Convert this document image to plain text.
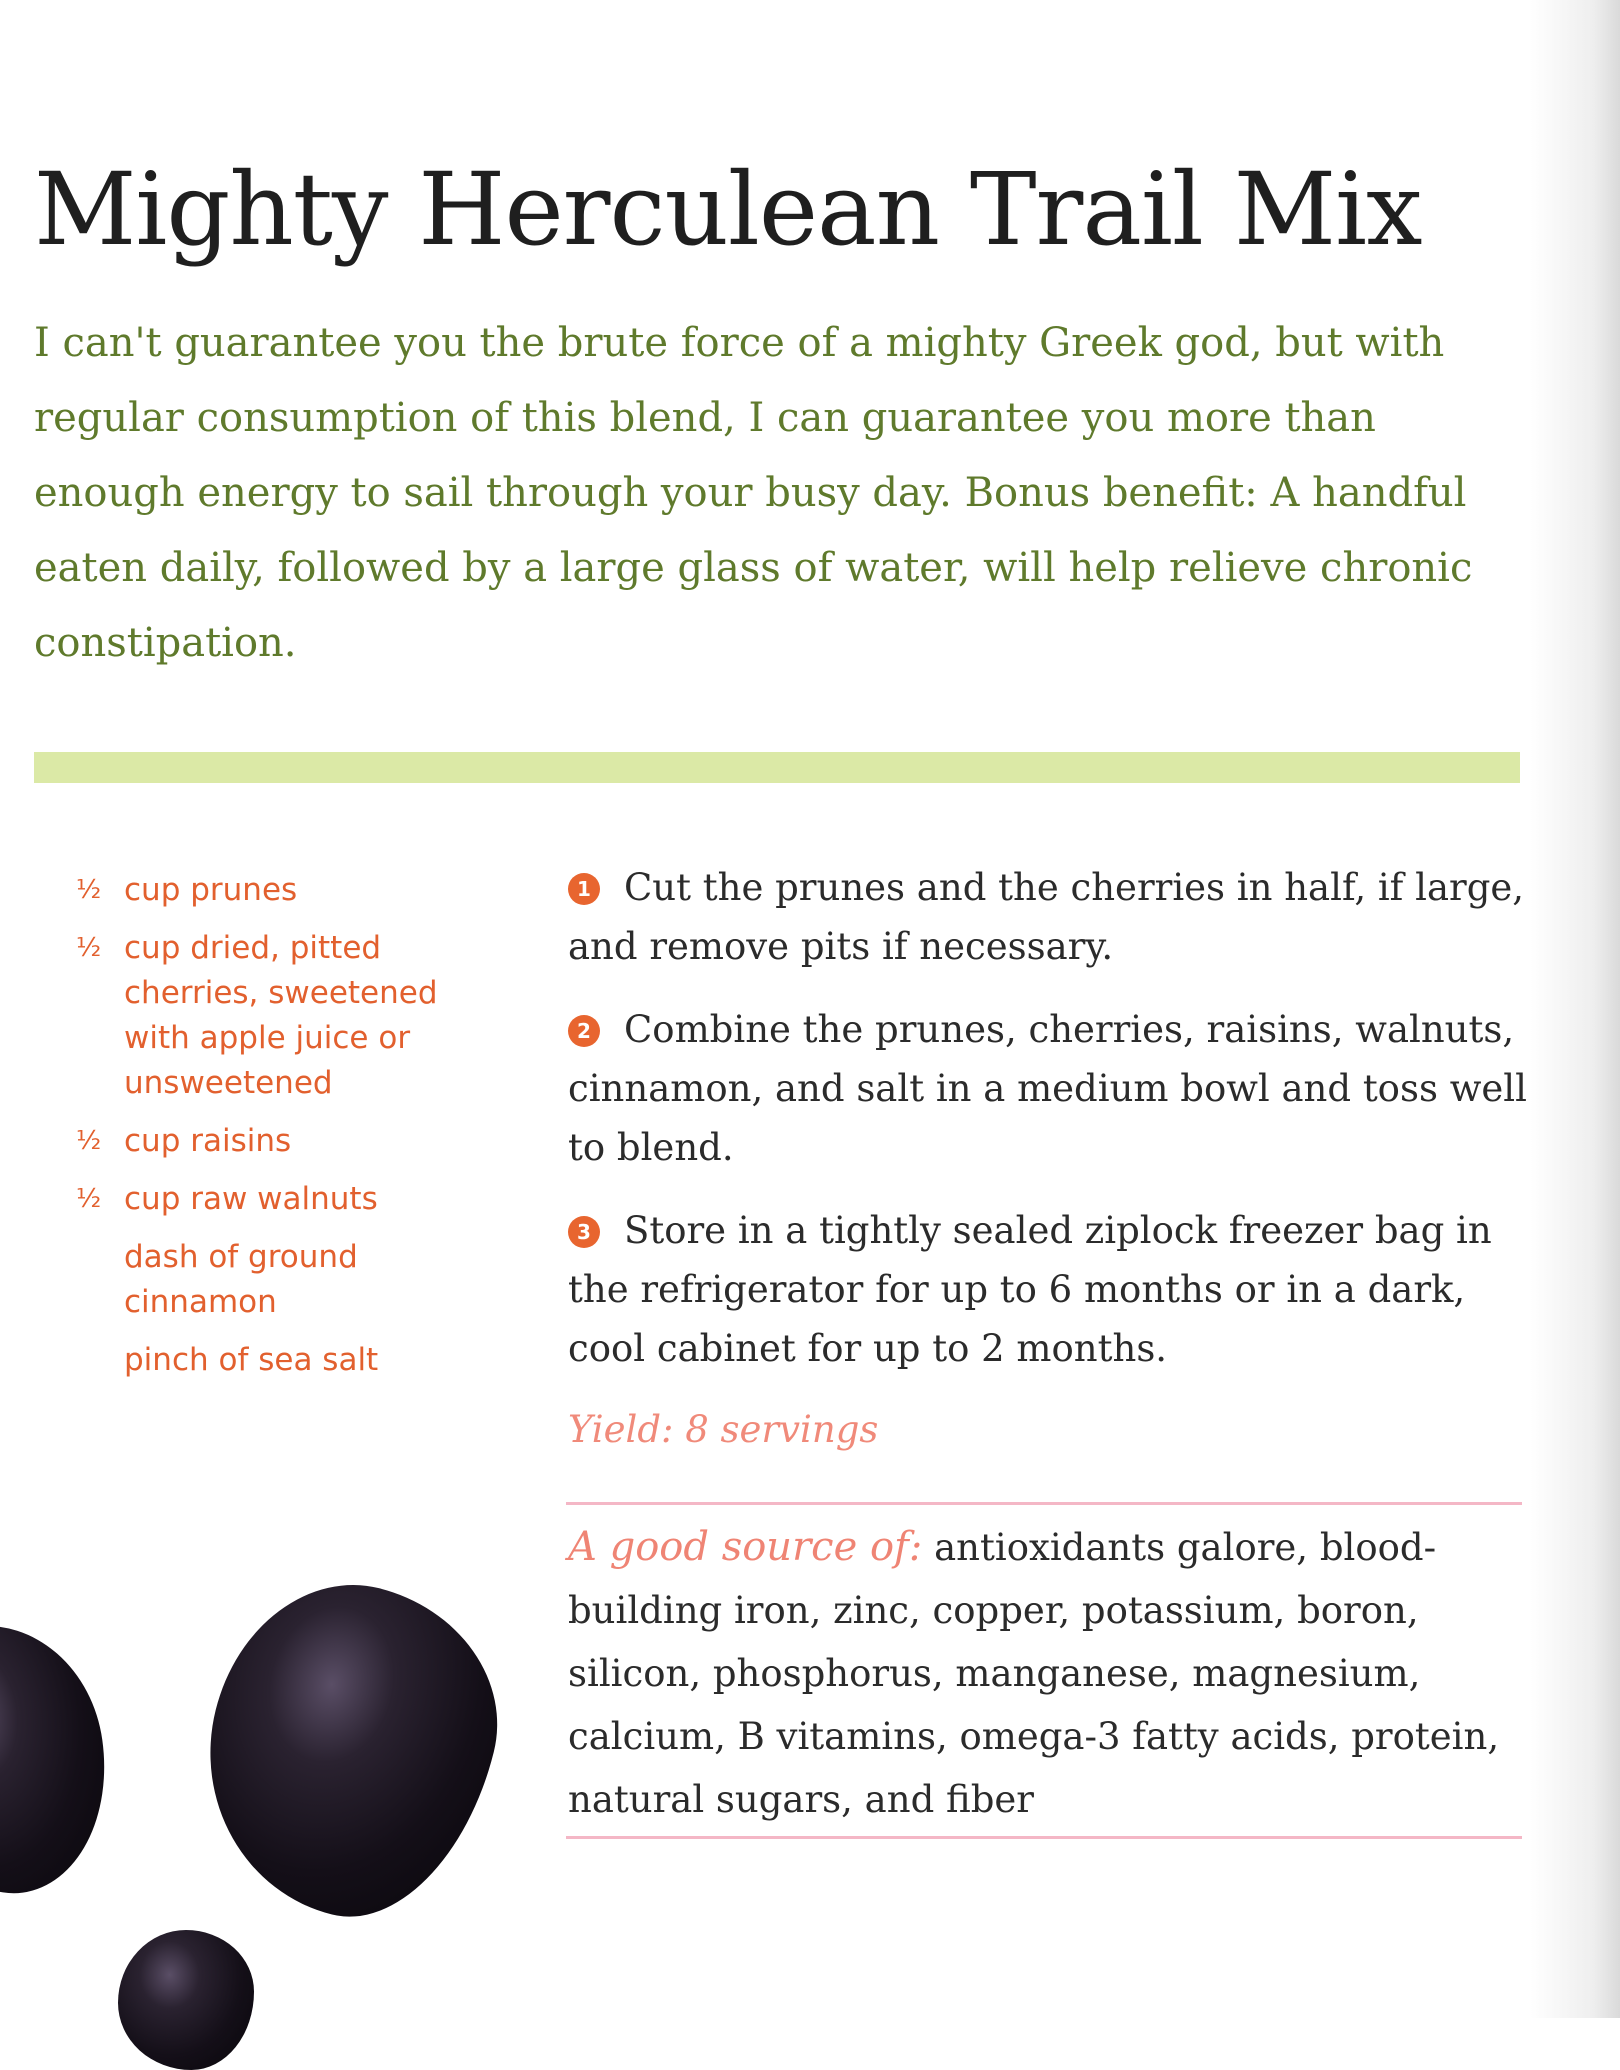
Mighty Herculean Trail Mix

I can't guarantee you the brute force of a mighty Greek god, but with regular consumption of this blend, I can guarantee you more than enough energy to sail through your busy day. Bonus benefit: A handful eaten daily, followed by a large glass of water, will help relieve chronic constipation.

½ cup prunes
½ cup dried, pitted cherries, sweetened with apple juice or unsweetened
½ cup raisins
½ cup raw walnuts
dash of ground cinnamon
pinch of sea salt

1 Cut the prunes and the cherries in half, if large, and remove pits if necessary.

2 Combine the prunes, cherries, raisins, walnuts, cinnamon, and salt in a medium bowl and toss well to blend.

3 Store in a tightly sealed ziplock freezer bag in the refrigerator for up to 6 months or in a dark, cool cabinet for up to 2 months.

Yield: 8 servings

A good source of: antioxidants galore, blood-building iron, zinc, copper, potassium, boron, silicon, phosphorus, manganese, magnesium, calcium, B vitamins, omega-3 fatty acids, protein, natural sugars, and fiber
